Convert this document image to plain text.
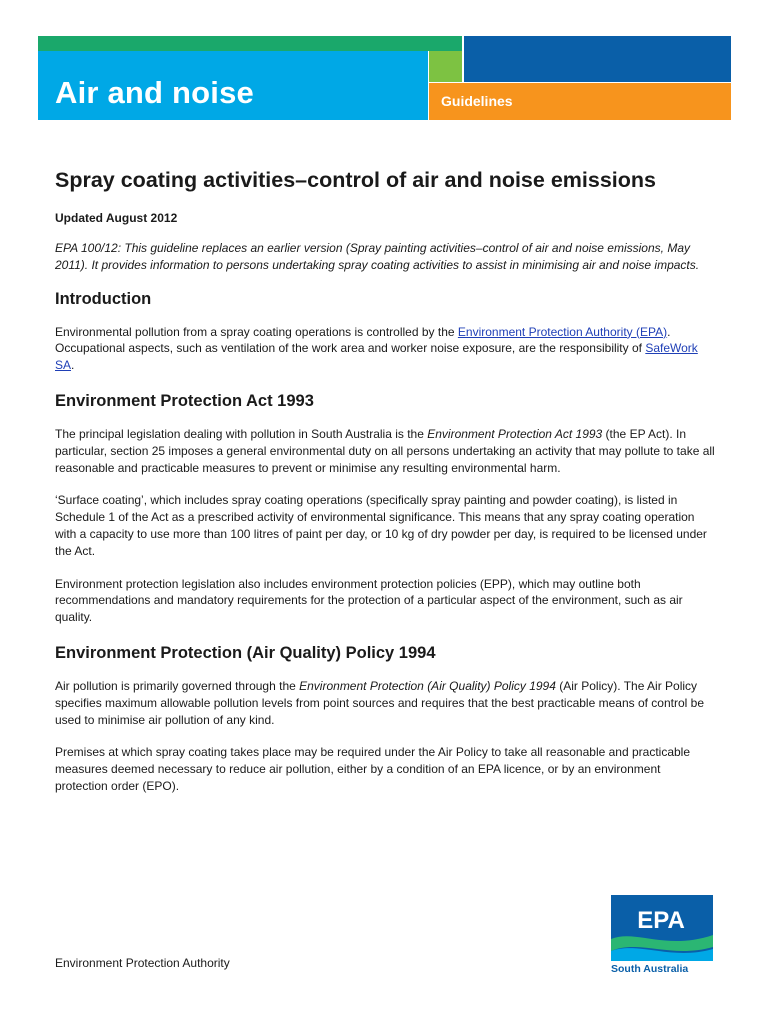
Air and noise	Guidelines
Spray coating activities–control of air and noise emissions
Updated August 2012

EPA 100/12: This guideline replaces an earlier version (Spray painting activities–control of air and noise emissions, May 2011). It provides information to persons undertaking spray coating activities to assist in minimising air and noise impacts.

Introduction

Environmental pollution from a spray coating operations is controlled by the Environment Protection Authority (EPA). Occupational aspects, such as ventilation of the work area and worker noise exposure, are the responsibility of SafeWork SA.

Environment Protection Act 1993

The principal legislation dealing with pollution in South Australia is the Environment Protection Act 1993 (the EP Act). In particular, section 25 imposes a general environmental duty on all persons undertaking an activity that may pollute to take all reasonable and practicable measures to prevent or minimise any resulting environmental harm.

‘Surface coating’, which includes spray coating operations (specifically spray painting and powder coating), is listed in Schedule 1 of the Act as a prescribed activity of environmental significance. This means that any spray coating operation with a capacity to use more than 100 litres of paint per day, or 10 kg of dry powder per day, is required to be licensed under the Act.

Environment protection legislation also includes environment protection policies (EPP), which may outline both recommendations and mandatory requirements for the protection of a particular aspect of the environment, such as air quality.

Environment Protection (Air Quality) Policy 1994

Air pollution is primarily governed through the Environment Protection (Air Quality) Policy 1994 (Air Policy). The Air Policy specifies maximum allowable pollution levels from point sources and requires that the best practicable means of control be used to minimise air pollution of any kind.

Premises at which spray coating takes place may be required under the Air Policy to take all reasonable and practicable measures deemed necessary to reduce air pollution, either by a condition of an EPA licence, or by an environment protection order (EPO).

Environment Protection Authority
EPA
South Australia
